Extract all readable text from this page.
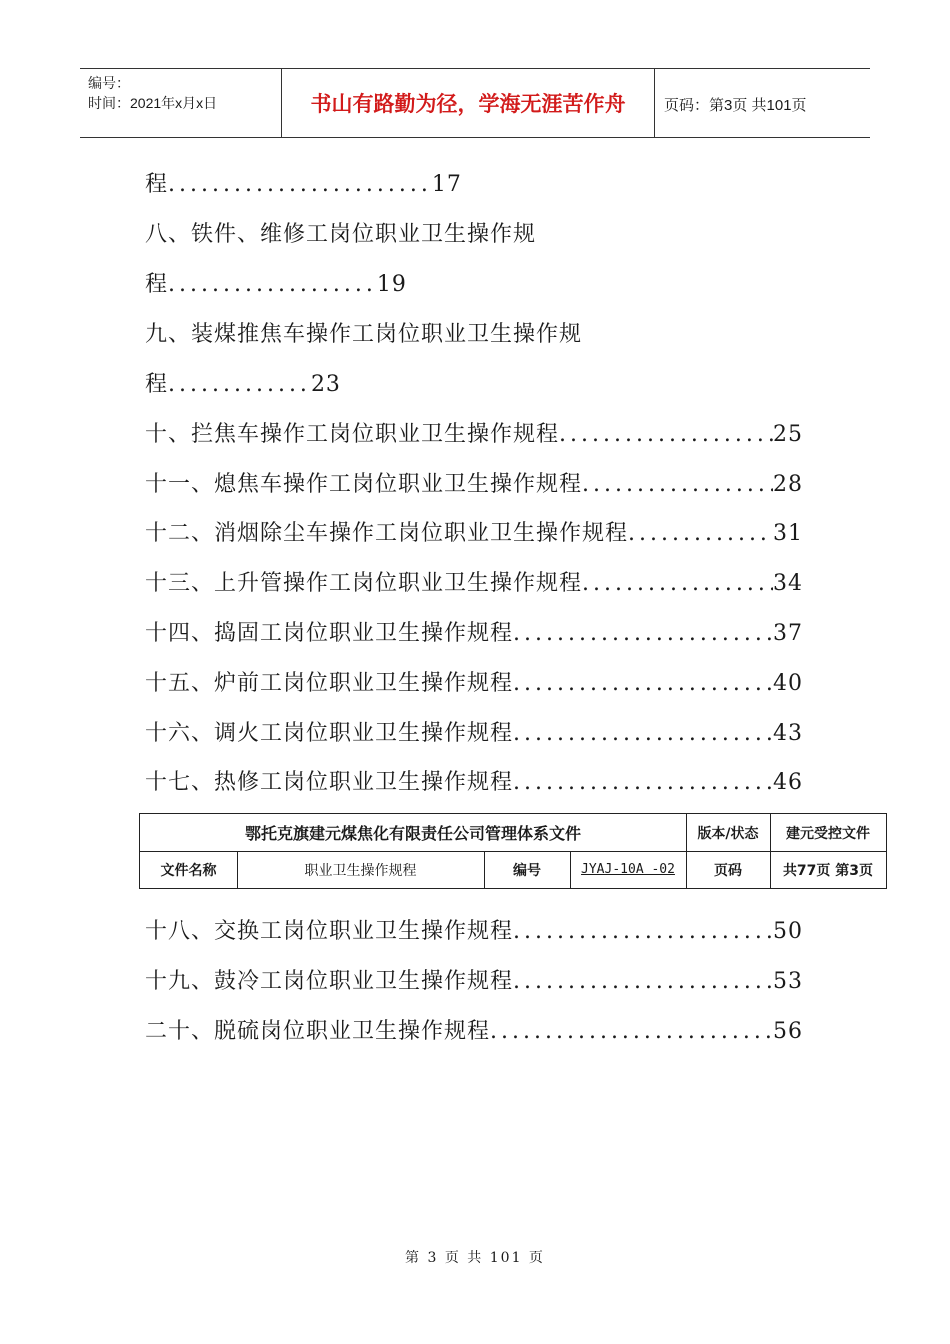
编号：
时间：2021年x月x日	书山有路勤为径，学海无涯苦作舟	页码：第3页 共101页
程........................17
八、铁件、维修工岗位职业卫生操作规
程...................19
九、装煤推焦车操作工岗位职业卫生操作规
程.............23
十、拦焦车操作工岗位职业卫生操作规程 .....	25
十一、熄焦车操作工岗位职业卫生操作规程 .....	28
十二、消烟除尘车操作工岗位职业卫生操作规程 .....	31
十三、上升管操作工岗位职业卫生操作规程 .....	34
十四、捣固工岗位职业卫生操作规程 .....	37
十五、炉前工岗位职业卫生操作规程 .....	40
十六、调火工岗位职业卫生操作规程 .....	43
十七、热修工岗位职业卫生操作规程 .....	46
鄂托克旗建元煤焦化有限责任公司管理体系文件	版本/状态	建元受控文件
文件名称	职业卫生操作规程	编号	JYAJ-10A -02	页码	共77页 第3页
十八、交换工岗位职业卫生操作规程 .....	50
十九、鼓冷工岗位职业卫生操作规程 .....	53
二十、脱硫岗位职业卫生操作规程 .....	56
第 3 页 共 101 页
